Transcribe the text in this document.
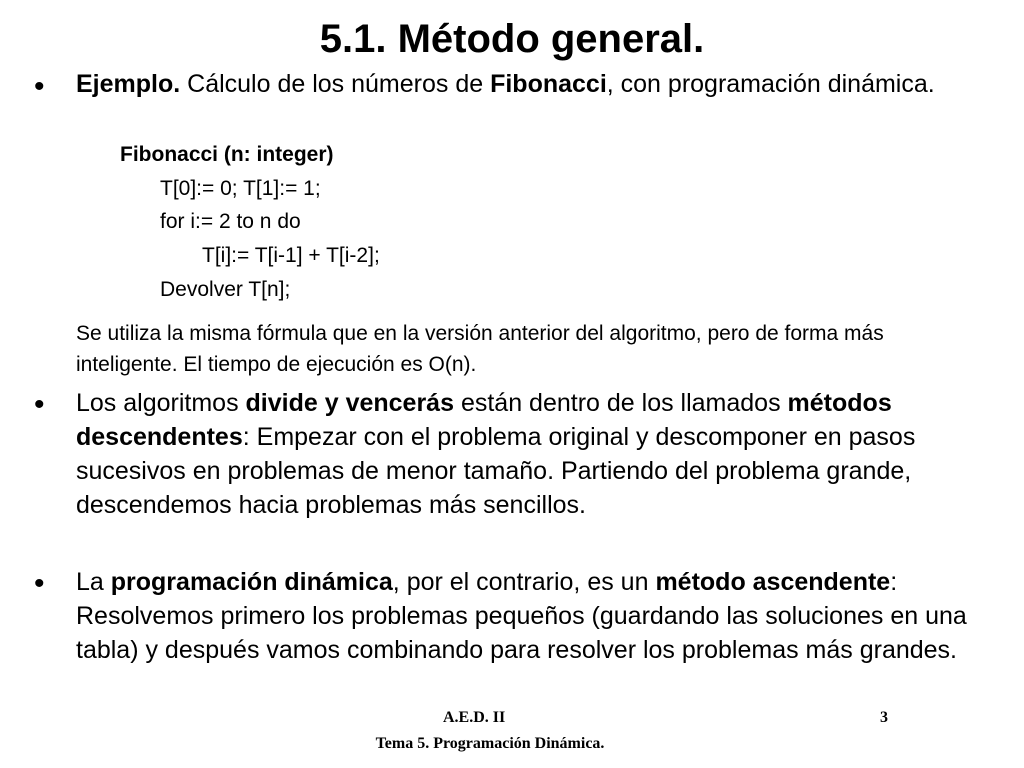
5.1. Método general.
• Ejemplo. Cálculo de los números de Fibonacci, con programación dinámica.

Fibonacci (n: integer)
T[0]:= 0; T[1]:= 1;
for i:= 2 to n do
T[i]:= T[i-1] + T[i-2];
Devolver T[n];

Se utiliza la misma fórmula que en la versión anterior del algoritmo, pero de forma más inteligente. El tiempo de ejecución es O(n).

• Los algoritmos divide y vencerás están dentro de los llamados métodos descendentes: Empezar con el problema original y descomponer en pasos sucesivos en problemas de menor tamaño. Partiendo del problema grande, descendemos hacia problemas más sencillos.

• La programación dinámica, por el contrario, es un método ascendente: Resolvemos primero los problemas pequeños (guardando las soluciones en una tabla) y después vamos combinando para resolver los problemas más grandes.

A.E.D. II	3
Tema 5. Programación Dinámica.
